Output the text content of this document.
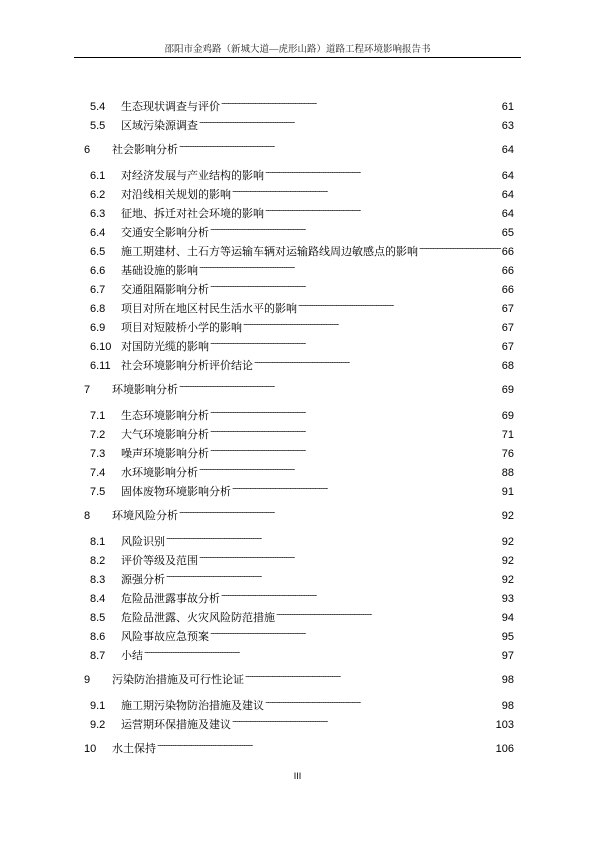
邵阳市金鸡路（新城大道—虎形山路）道路工程环境影响报告书
5.4	生态现状调查与评价 . . .	61
5.5	区域污染源调查 . . .	63
6	社会影响分析 . . .	64
6.1	对经济发展与产业结构的影响 . . .	64
6.2	对沿线相关规划的影响 . . .	64
6.3	征地、拆迁对社会环境的影响 . . .	64
6.4	交通安全影响分析 . . .	65
6.5	施工期建材、土石方等运输车辆对运输路线周边敏感点的影响 . . .	66
6.6	基础设施的影响 . . .	66
6.7	交通阻隔影响分析 . . .	66
6.8	项目对所在地区村民生活水平的影响 . . .	67
6.9	项目对短陂桥小学的影响 . . .	67
6.10 对国防光缆的影响 . . .	67
6.11 社会环境影响分析评价结论 . . .	68
7	环境影响分析 . . .	69
7.1	生态环境影响分析 . . .	69
7.2	大气环境影响分析 . . .	71
7.3	噪声环境影响分析 . . .	76
7.4	水环境影响分析 . . .	88
7.5	固体废物环境影响分析 . . .	91
8	环境风险分析 . . .	92
8.1	风险识别 . . .	92
8.2	评价等级及范围 . . .	92
8.3	源强分析 . . .	92
8.4	危险品泄露事故分析 . . .	93
8.5	危险品泄露、火灾风险防范措施 . . .	94
8.6	风险事故应急预案 . . .	95
8.7	小结 . . .	97
9	污染防治措施及可行性论证 . . .	98
9.1	施工期污染物防治措施及建议 . . .	98
9.2	运营期环保措施及建议 . . .	103
10	水土保持 . . .	106
III
